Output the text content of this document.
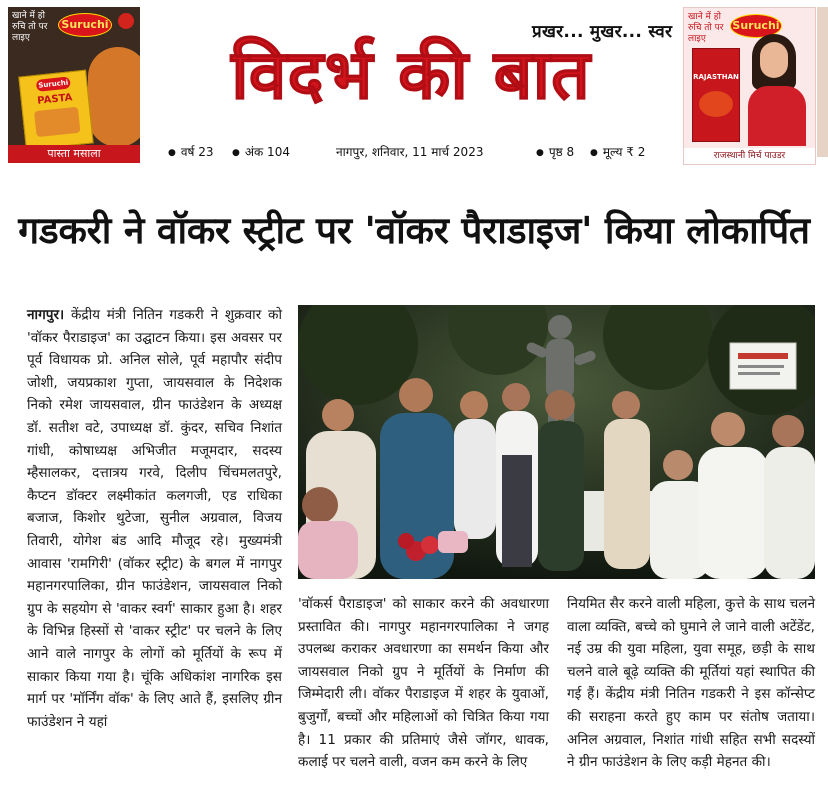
खाने में हो रुचि तो पर लाइए
Suruchi
Suruchi
PASTA
पास्ता मसाला
खाने में हो रुचि तो पर लाइए
Suruchi
RAJASTHAN
राजस्थानी मिर्च पाउडर
प्रखर... मुखर... स्वर
विदर्भ की बात
● वर्ष 23	● अंक 104	नागपुर, शनिवार, 11 मार्च 2023	● पृष्ठ 8	● मूल्य ₹ 2
गडकरी ने वॉकर स्ट्रीट पर 'वॉकर पैराडाइज' किया लोकार्पित
नागपुर। केंद्रीय मंत्री नितिन गडकरी ने शुक्रवार को 'वॉकर पैराडाइज' का उद्घाटन किया। इस अवसर पर पूर्व विधायक प्रो. अनिल सोले, पूर्व महापौर संदीप जोशी, जयप्रकाश गुप्ता, जायसवाल के निदेशक निको रमेश जायसवाल, ग्रीन फाउंडेशन के अध्यक्ष डॉ. सतीश वटे, उपाध्यक्ष डॉ. कुंदर, सचिव निशांत गांधी, कोषाध्यक्ष अभिजीत मजूमदार, सदस्य म्हैसालकर, दत्तात्रय गरवे, दिलीप चिंचमलतपुरे, कैप्टन डॉक्टर लक्ष्मीकांत कलगजी, एड राधिका बजाज, किशोर थुटेजा, सुनील अग्रवाल, विजय तिवारी, योगेश बंड आदि मौजूद रहे। मुख्यमंत्री आवास 'रामगिरी' (वॉकर स्ट्रीट) के बगल में नागपुर महानगरपालिका, ग्रीन फाउंडेशन, जायसवाल निको ग्रुप के सहयोग से 'वाकर स्वर्ग' साकार हुआ है। शहर के विभिन्न हिस्सों से 'वाकर स्ट्रीट' पर चलने के लिए आने वाले नागपुर के लोगों को मूर्तियों के रूप में साकार किया गया है। चूंकि अधिकांश नागरिक इस मार्ग पर 'मॉर्निंग वॉक' के लिए आते हैं, इसलिए ग्रीन फाउंडेशन ने यहां
'वॉकर्स पैराडाइज' को साकार करने की अवधारणा प्रस्तावित की। नागपुर महानगरपालिका ने जगह उपलब्ध कराकर अवधारणा का समर्थन किया और जायसवाल निको ग्रुप ने मूर्तियों के निर्माण की जिम्मेदारी ली। वॉकर पैराडाइज में शहर के युवाओं, बुजुर्गों, बच्चों और महिलाओं को चित्रित किया गया है। 11 प्रकार की प्रतिमाएं जैसे जॉगर, धावक, कलाई पर चलने वाली, वजन कम करने के लिए
नियमित सैर करने वाली महिला, कुत्ते के साथ चलने वाला व्यक्ति, बच्चे को घुमाने ले जाने वाली अटेंडेंट, नई उम्र की युवा महिला, युवा समूह, छड़ी के साथ चलने वाले बूढ़े व्यक्ति की मूर्तियां यहां स्थापित की गई हैं। केंद्रीय मंत्री नितिन गडकरी ने इस कॉन्सेप्ट की सराहना करते हुए काम पर संतोष जताया। अनिल अग्रवाल, निशांत गांधी सहित सभी सदस्यों ने ग्रीन फाउंडेशन के लिए कड़ी मेहनत की।
